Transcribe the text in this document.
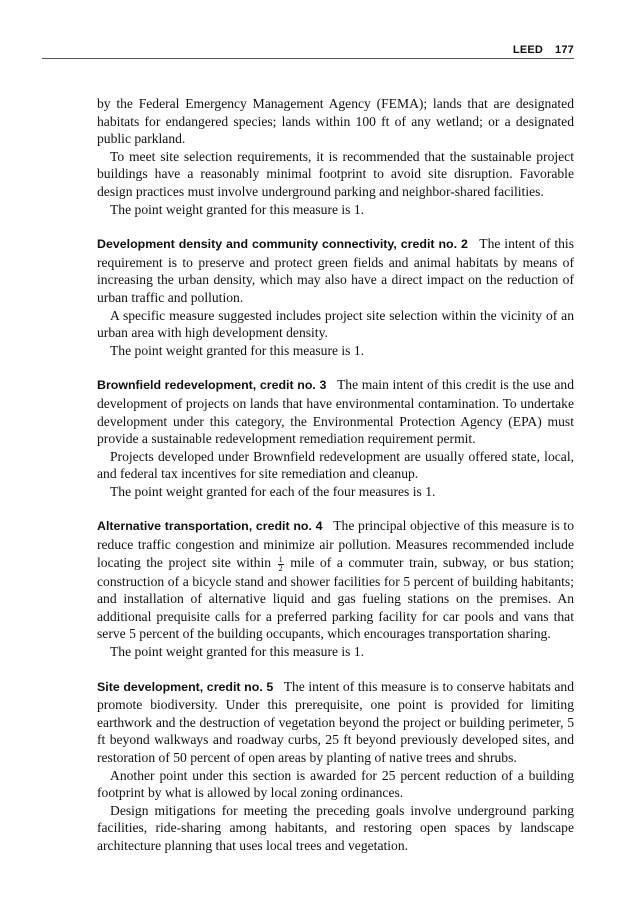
LEED 177

by the Federal Emergency Management Agency (FEMA); lands that are designated habitats for endangered species; lands within 100 ft of any wetland; or a designated public parkland.

To meet site selection requirements, it is recommended that the sustainable project buildings have a reasonably minimal footprint to avoid site disruption. Favorable design practices must involve underground parking and neighbor-shared facilities.

The point weight granted for this measure is 1.

Development density and community connectivity, credit no. 2 The intent of this requirement is to preserve and protect green fields and animal habitats by means of increasing the urban density, which may also have a direct impact on the reduction of urban traffic and pollution.

A specific measure suggested includes project site selection within the vicinity of an urban area with high development density.

The point weight granted for this measure is 1.

Brownfield redevelopment, credit no. 3 The main intent of this credit is the use and development of projects on lands that have environmental contamination. To undertake development under this category, the Environmental Protection Agency (EPA) must provide a sustainable redevelopment remediation requirement permit.

Projects developed under Brownfield redevelopment are usually offered state, local, and federal tax incentives for site remediation and cleanup.

The point weight granted for each of the four measures is 1.

Alternative transportation, credit no. 4 The principal objective of this measure is to reduce traffic congestion and minimize air pollution. Measures recommended include locating the project site within $\frac{1}{2}$ mile of a commuter train, subway, or bus station; construction of a bicycle stand and shower facilities for 5 percent of building habitants; and installation of alternative liquid and gas fueling stations on the premises. An additional prequisite calls for a preferred parking facility for car pools and vans that serve 5 percent of the building occupants, which encourages transportation sharing.

The point weight granted for this measure is 1.

Site development, credit no. 5 The intent of this measure is to conserve habitats and promote biodiversity. Under this prerequisite, one point is provided for limiting earthwork and the destruction of vegetation beyond the project or building perimeter, 5 ft beyond walkways and roadway curbs, 25 ft beyond previously developed sites, and restoration of 50 percent of open areas by planting of native trees and shrubs.

Another point under this section is awarded for 25 percent reduction of a building footprint by what is allowed by local zoning ordinances.

Design mitigations for meeting the preceding goals involve underground parking facilities, ride-sharing among habitants, and restoring open spaces by landscape architecture planning that uses local trees and vegetation.
